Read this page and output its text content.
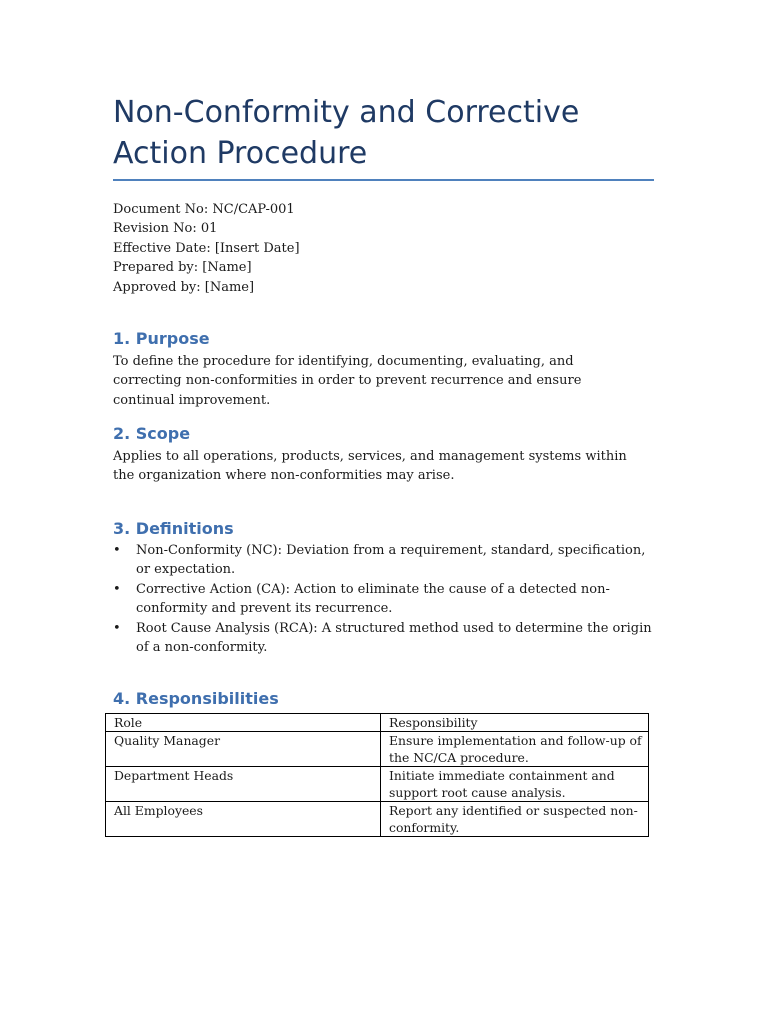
Non-Conformity and Corrective Action Procedure
Document No: NC/CAP-001
Revision No: 01
Effective Date: [Insert Date]
Prepared by: [Name]
Approved by: [Name]
1. Purpose

To define the procedure for identifying, documenting, evaluating, and correcting non-conformities in order to prevent recurrence and ensure continual improvement.

2. Scope

Applies to all operations, products, services, and management systems within the organization where non-conformities may arise.

3. Definitions
• Non-Conformity (NC): Deviation from a requirement, standard, specification, or expectation.
• Corrective Action (CA): Action to eliminate the cause of a detected non-conformity and prevent its recurrence.
• Root Cause Analysis (RCA): A structured method used to determine the origin of a non-conformity.
4. Responsibilities
Role	Responsibility
Quality Manager	Ensure implementation and follow-up of the NC/CA procedure.
Department Heads	Initiate immediate containment and support root cause analysis.
All Employees	Report any identified or suspected non-conformity.
